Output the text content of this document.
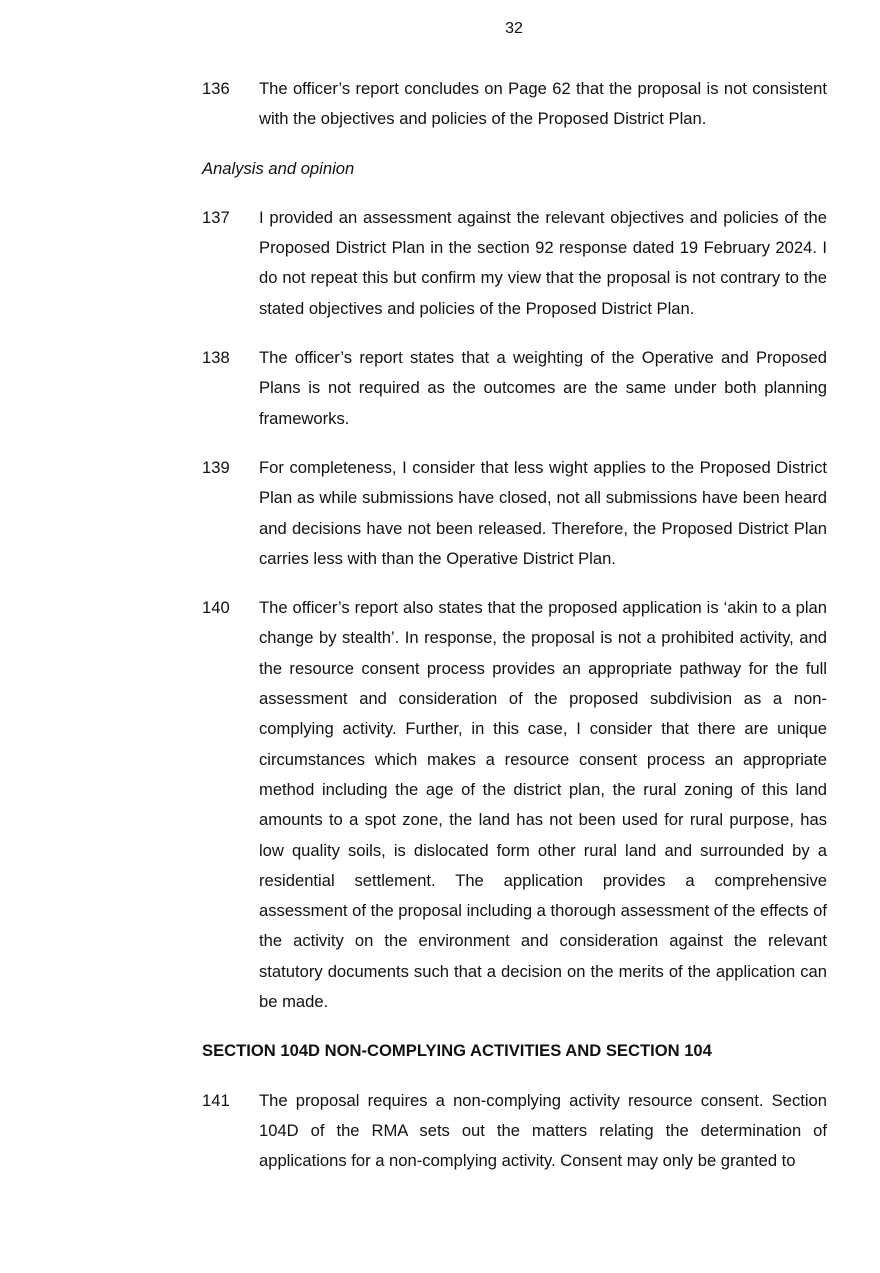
32
136 The officer’s report concludes on Page 62 that the proposal is not consistent with the objectives and policies of the Proposed District Plan.
Analysis and opinion
137 I provided an assessment against the relevant objectives and policies of the Proposed District Plan in the section 92 response dated 19 February 2024. I do not repeat this but confirm my view that the proposal is not contrary to the stated objectives and policies of the Proposed District Plan.
138 The officer’s report states that a weighting of the Operative and Proposed Plans is not required as the outcomes are the same under both planning frameworks.
139 For completeness, I consider that less wight applies to the Proposed District Plan as while submissions have closed, not all submissions have been heard and decisions have not been released. Therefore, the Proposed District Plan carries less with than the Operative District Plan.
140 The officer’s report also states that the proposed application is ‘akin to a plan change by stealth’. In response, the proposal is not a prohibited activity, and the resource consent process provides an appropriate pathway for the full assessment and consideration of the proposed subdivision as a non-complying activity. Further, in this case, I consider that there are unique circumstances which makes a resource consent process an appropriate method including the age of the district plan, the rural zoning of this land amounts to a spot zone, the land has not been used for rural purpose, has low quality soils, is dislocated form other rural land and surrounded by a residential settlement. The application provides a comprehensive assessment of the proposal including a thorough assessment of the effects of the activity on the environment and consideration against the relevant statutory documents such that a decision on the merits of the application can be made.
SECTION 104D NON-COMPLYING ACTIVITIES AND SECTION 104
141 The proposal requires a non-complying activity resource consent. Section 104D of the RMA sets out the matters relating the determination of applications for a non-complying activity. Consent may only be granted to
